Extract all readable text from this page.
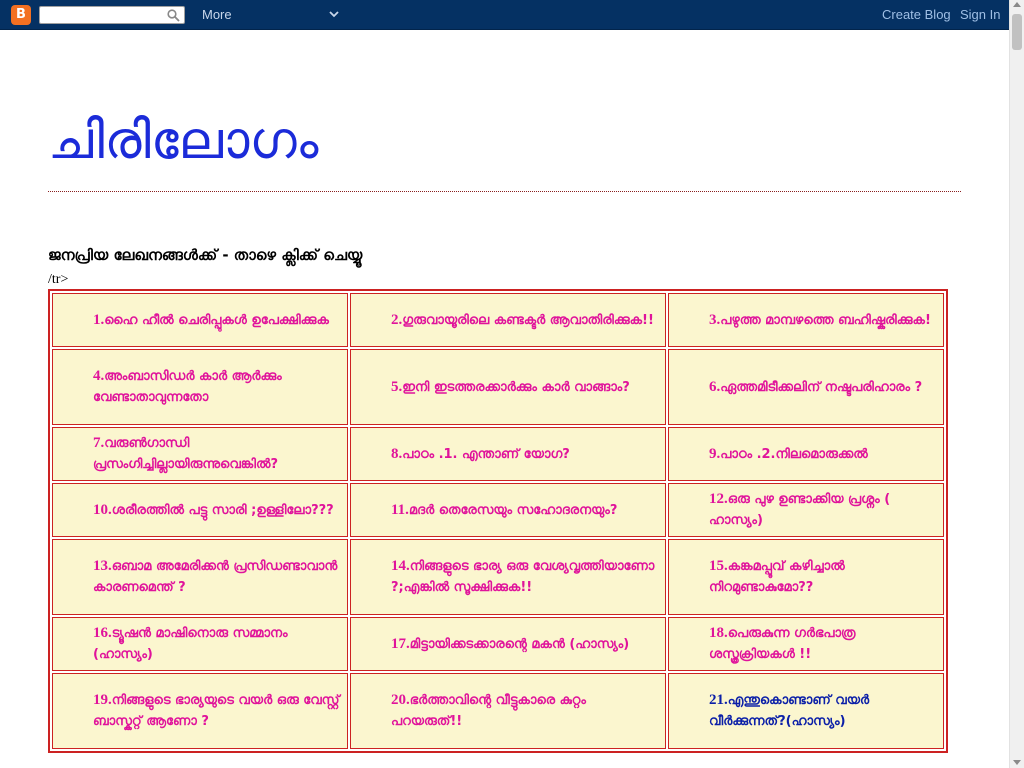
B	More	Create Blog Sign In
ചിരിലോഗം
ജനപ്രിയ ലേഖനങ്ങള്‍ക്ക് - താഴെ ക്ലിക്ക് ചെയ്യൂ
/tr>
1.ഹൈ ഹീല്‍ ചെരിപ്പുകള്‍ ഉപേക്ഷിക്കുക	2.ഗുരുവായൂരിലെ കണ്ടക്ടര്‍ ആവാതിരിക്കുക!!	3.പഴുത്ത മാമ്പഴത്തെ ബഹിഷ്കരിക്കുക!
4.അംബാസിഡര്‍ കാര്‍ ആര്‍ക്കും വേണ്ടാതാവുന്നതോ	5.ഇനി ഇടത്തരക്കാര്‍ക്കും കാര്‍ വാങ്ങാം?	6.ഏത്തമിടീക്കലിന് നഷ്ടപരിഹാരം ?
7.വരുണ്‍ഗാന്ധി പ്രസംഗിച്ചില്ലായിരുന്നുവെങ്കില്‍?	8.പാഠം .1. എന്താണ് യോഗ?	9.പാഠം .2.നിലമൊരുക്കല്‍
10.ശരീരത്തില്‍ പട്ടു സാരി ;ഉള്ളിലോ???	11.മദര്‍ തെരേസയും സഹോദരനയും?	12.ഒരു പുഴ ഉണ്ടാക്കിയ പ്രശ്നം ( ഹാസ്യം)
13.ഒബാമ അമേരിക്കന്‍ പ്രസിഡണ്ടാവാന്‍ കാരണമെന്ത് ?	14.നിങ്ങളുടെ ഭാര്യ ഒരു വേശ്യവൃത്തിയാണോ ?;എങ്കില്‍ സൂക്ഷിക്കുക!!	15.കങ്കമപ്പൂവ് കഴിച്ചാല്‍ നിറമുണ്ടാകുമോ??
16.ട്യൂഷന്‍ മാഷിനൊരു സമ്മാനം (ഹാസ്യം)	17.മിട്ടായിക്കടക്കാരന്റെ മകന്‍ (ഹാസ്യം)	18.പെരുകുന്ന ഗര്‍ഭപാത്ര ശസ്ത്രക്രിയകള്‍ !!
19.നിങ്ങളുടെ ഭാര്യയുടെ വയര്‍ ഒരു വേസ്റ്റ് ബാസ്കറ്റ് ആണോ ?	20.ഭര്‍ത്താവിന്റെ വീട്ടുകാരെ കുറ്റം പറയരുത്!!	21.എന്തുകൊണ്ടാണ് വയര്‍ വീര്‍ക്കുന്നത്?(ഹാസ്യം)
